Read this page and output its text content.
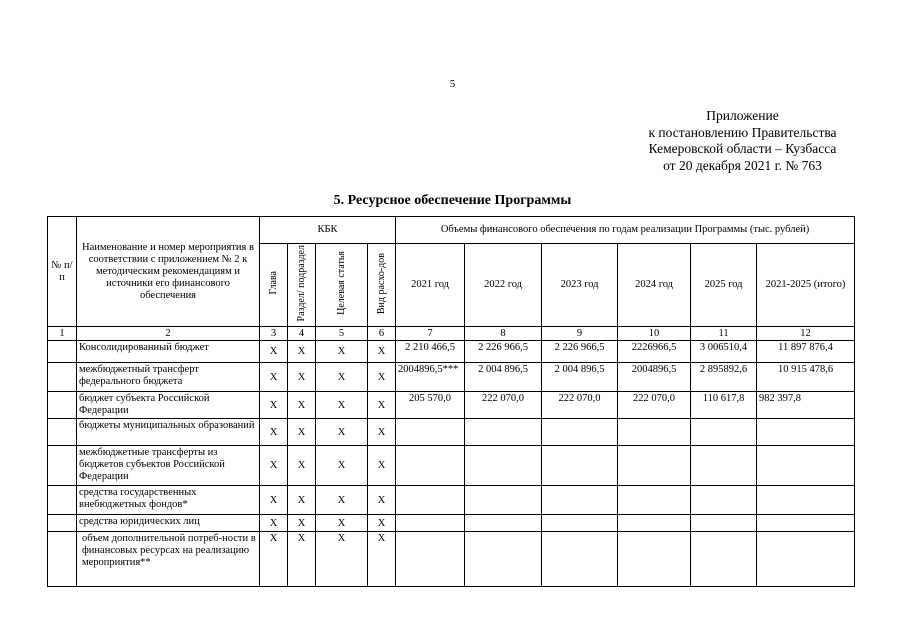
5
Приложение
к постановлению Правительства
Кемеровской области – Кузбасса
от 20 декабря 2021 г. № 763
5. Ресурсное обеспечение Программы
№ п/п	Наименование и номер мероприятия в соответствии с приложением № 2 к методическим рекомендациям и источники его финансового обеспечения	КБК				Объемы финансового обеспечения по годам реализации Программы (тыс. рублей)					
		Глава	Раздел/ подраздел	Целевая статья	Вид расхо-дов	2021 год	2022 год	2023 год	2024 год	2025 год	2021-2025 (итого)
1	2	3	4	5	6	7	8	9	10	11	12
	Консолидированный бюджет	X	X	X	X	2 210 466,5	2 226 966,5	2 226 966,5	2226966,5	3 006510,4	11 897 876,4
	межбюджетный трансферт федерального бюджета	X	X	X	X	2004896,5***	2 004 896,5	2 004 896,5	2004896,5	2 895892,6	10 915 478,6
	бюджет субъекта Российской Федерации	X	X	X	X	205 570,0	222 070,0	222 070,0	222 070,0	110 617,8	982 397,8
	бюджеты муниципальных образований	X	X	X	X						
	межбюджетные трансферты из бюджетов субъектов Российской Федерации	X	X	X	X						
	средства государственных внебюджетных фондов*	X	X	X	X						
	средства юридических лиц	X	X	X	X						
	объем дополнительной потреб-ности в финансовых ресурсах на реализацию мероприятия**	X	X	X	X						
